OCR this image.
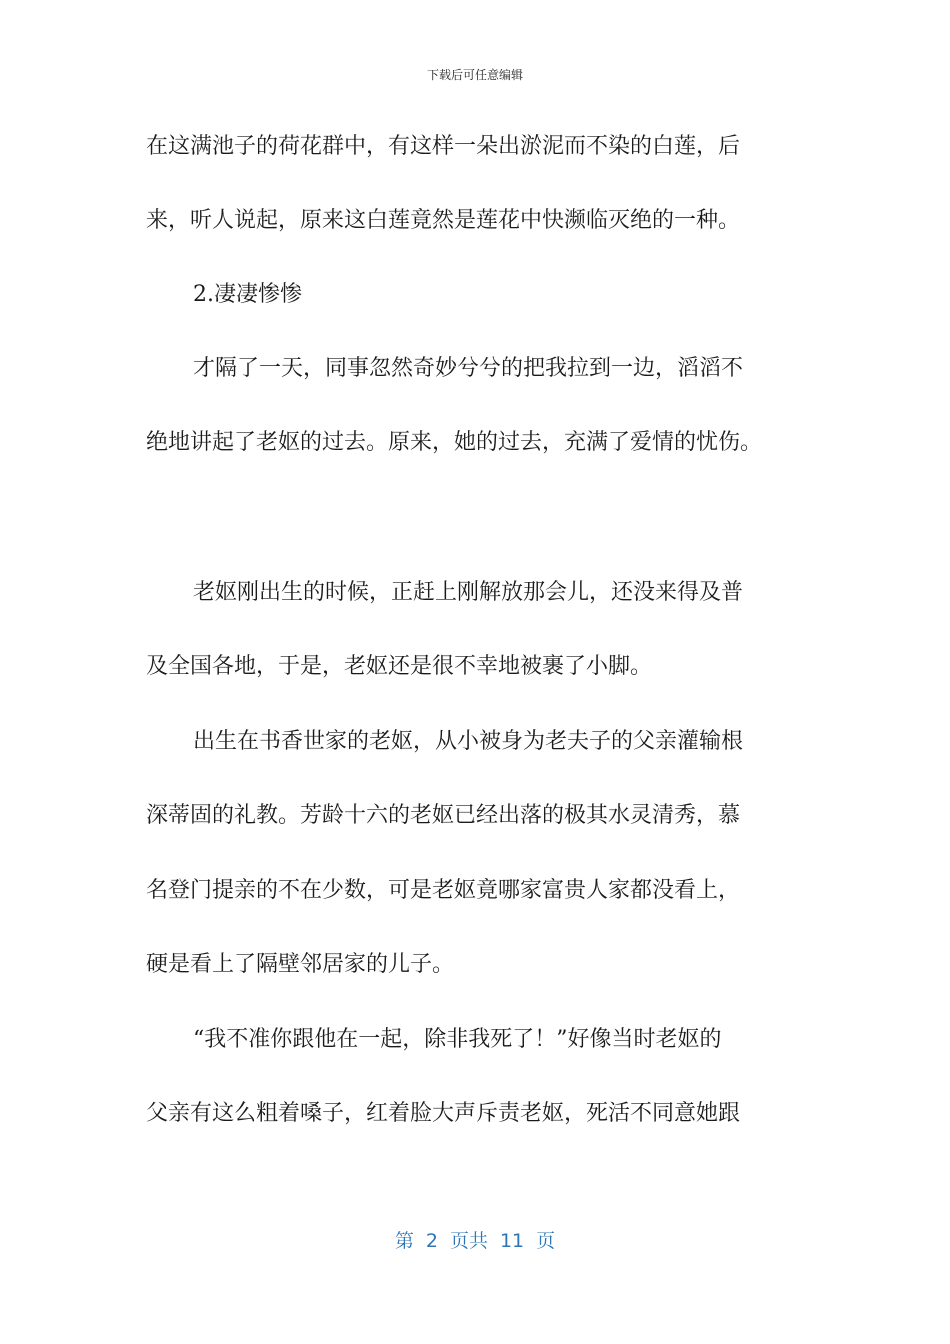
下载后可任意编辑
在这满池子的荷花群中，有这样一朵出淤泥而不染的白莲，后
来，听人说起，原来这白莲竟然是莲花中快濒临灭绝的一种。
2.凄凄惨惨
才隔了一天，同事忽然奇妙兮兮的把我拉到一边，滔滔不
绝地讲起了老妪的过去。原来，她的过去，充满了爱情的忧伤。
老妪刚出生的时候，正赶上刚解放那会儿，还没来得及普
及全国各地，于是，老妪还是很不幸地被裹了小脚。
出生在书香世家的老妪，从小被身为老夫子的父亲灌输根
深蒂固的礼教。芳龄十六的老妪已经出落的极其水灵清秀，慕
名登门提亲的不在少数，可是老妪竟哪家富贵人家都没看上，
硬是看上了隔壁邻居家的儿子。
“我不准你跟他在一起，除非我死了！”好像当时老妪的
父亲有这么粗着嗓子，红着脸大声斥责老妪，死活不同意她跟
第 2 页共 11 页
